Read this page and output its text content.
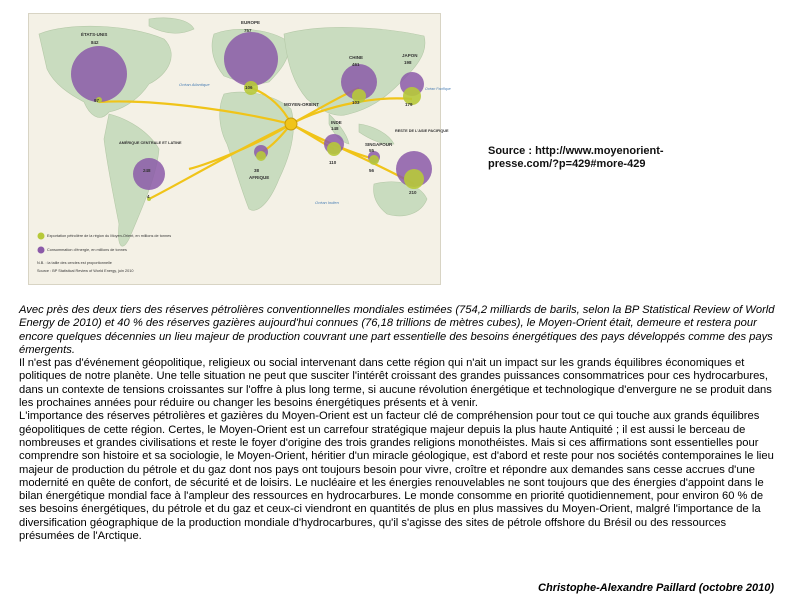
MOYEN-ORIENT
ÉTATS-UNIS
842
97
EUROPE
757
106
CHINE
461
103
JAPON
198
179
INDE
148
110
SINGAPOUR
55
56
RESTE DE L'ASIE PACIFIQUE
210
AMÉRIQUE CENTRALE ET LATINE
248
4
38
AFRIQUE
Océan Atlantique
Océan Pacifique
Océan Indien
Exportation pétrolière de la région du Moyen-Orient, en millions de tonnes
Consommation d'énergie, en millions de tonnes
N.B. : la taille des cercles est proportionnelle
Source : BP Statistical Review of World Energy, juin 2010
Source : http://www.moyenorient-presse.com/?p=429#more-429

Avec près des deux tiers des réserves pétrolières conventionnelles mondiales estimées (754,2 milliards de barils, selon la BP Statistical Review of World Energy de 2010) et 40 % des réserves gazières aujourd'hui connues (76,18 trillions de mètres cubes), le Moyen-Orient était, demeure et restera pour encore quelques décennies un lieu majeur de production couvrant une part essentielle des besoins énergétiques des pays développés comme des pays émergents.

Il n'est pas d'événement géopolitique, religieux ou social intervenant dans cette région qui n'ait un impact sur les grands équilibres économiques et politiques de notre planète. Une telle situation ne peut que susciter l'intérêt croissant des grandes puissances consommatrices pour ces hydrocarbures, dans un contexte de tensions croissantes sur l'offre à plus long terme, si aucune révolution énergétique et technologique d'envergure ne se produit dans les prochaines années pour réduire ou changer les besoins énergétiques présents et à venir.

L'importance des réserves pétrolières et gazières du Moyen-Orient est un facteur clé de compréhension pour tout ce qui touche aux grands équilibres géopolitiques de cette région. Certes, le Moyen-Orient est un carrefour stratégique majeur depuis la plus haute Antiquité ; il est aussi le berceau de nombreuses et grandes civilisations et reste le foyer d'origine des trois grandes religions monothéistes. Mais si ces affirmations sont essentielles pour comprendre son histoire et sa sociologie, le Moyen-Orient, héritier d'un miracle géologique, est d'abord et reste pour nos sociétés contemporaines le lieu majeur de production du pétrole et du gaz dont nos pays ont toujours besoin pour vivre, croître et répondre aux demandes sans cesse accrues d'une modernité en quête de confort, de sécurité et de loisirs. Le nucléaire et les énergies renouvelables ne sont toujours que des énergies d'appoint dans le bilan énergétique mondial face à l'ampleur des ressources en hydrocarbures. Le monde consomme en priorité quotidiennement, pour environ 60 % de ses besoins énergétiques, du pétrole et du gaz et ceux-ci viendront en quantités de plus en plus massives du Moyen-Orient, malgré l'importance de la diversification géographique de la production mondiale d'hydrocarbures, qu'il s'agisse des sites de pétrole offshore du Brésil ou des ressources présumées de l'Arctique.

Christophe-Alexandre Paillard (octobre 2010)
